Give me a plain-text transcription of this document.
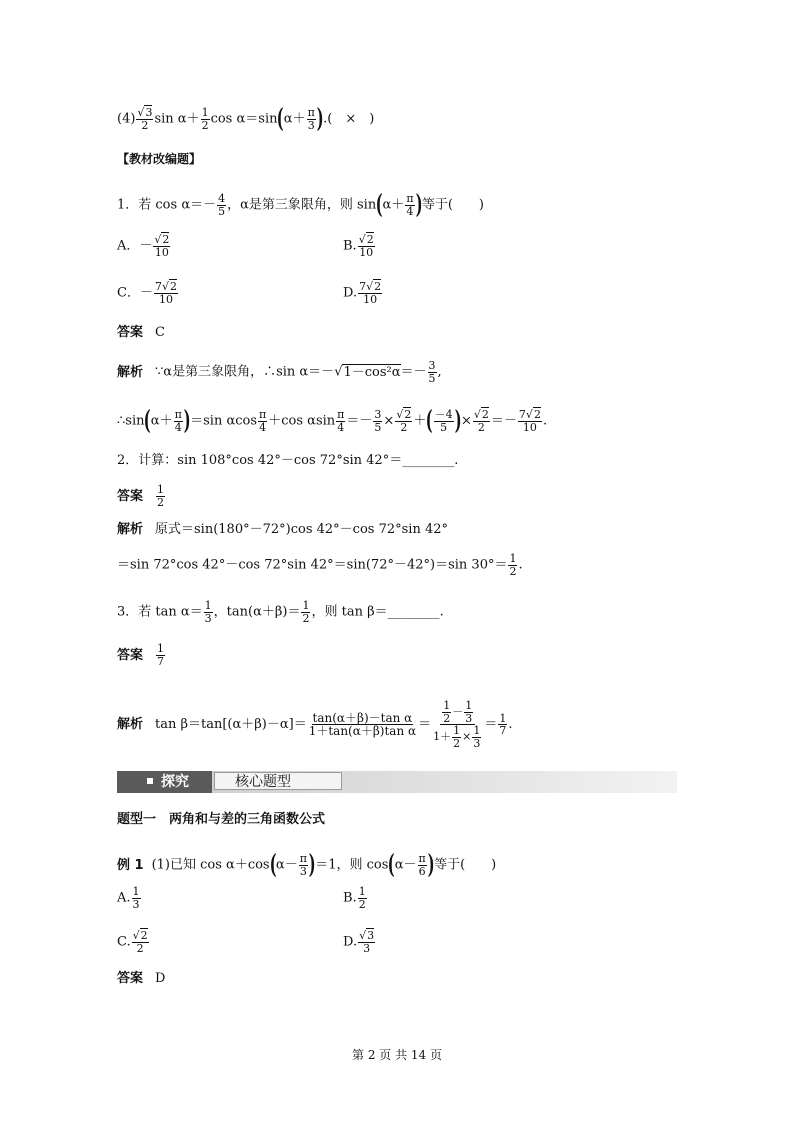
$(4) \frac{√3}{2}$ $\sin \alpha+ \frac{1}{2}$ $\cos \alpha=\sin(\alpha+ \frac{\pi}{3}$ ).(　×　)
【教材改编题】
1．若 $\cos \alpha=- \frac{4}{5}$ ，α是第三象限角，则 $\sin(\alpha+ \frac{\pi}{4}$ )等于(　　)
A．－ $\frac{√2}{10}$	B. $\frac{√2}{10}$
C．－ $\frac{7√2}{10}$	D. $\frac{7√2}{10}$
答案 C
解析 ∵α是第三象限角，∴sin $\alpha=-√1-\cos^2\alpha=- \frac{3}{5}$ ,
∴sin(α＋ $\frac{\pi}{4} )=\sin$ αcos $\frac{\pi}{4} +\cos$ αsin $\frac{\pi}{4} =- \frac{3}{5} \times \frac{√2}{2}$ ＋( $\frac{-4}{5}$ )× $\frac{√2}{2} =- \frac{7√2}{10}$ .
2．计算：sin 108°cos 42°－cos 72°sin 42°＝________.
答案 $\frac{1}{2}$
解析 原式＝sin(180°－72°)cos 42°－cos 72°sin 42°
＝sin 72°cos 42°－cos 72°sin 42°＝sin(72°－42°)＝sin $30^\circ= \frac{1}{2}$ .
3．若 $\tan \alpha= \frac{1}{3}$ ，$\tan(\alpha+\beta)= \frac{1}{2}$ ，则 tan β＝________.
答案 $\frac{1}{7}$
解析 $\tan \beta=\tan[(\alpha+\beta)-\alpha]= \frac{\text{tan(α＋β)－tan α}}{\text{1＋tan(α＋β)tan α}} = \frac{\frac{1}{2} - \frac{1}{3}}{1+ \frac{1}{2} \times \frac{1}{3}} = \frac{1}{7}$ .
探究	核心题型
题型一　两角和与差的三角函数公式
例 1 (1)已知 $\cos \alpha+\cos(\alpha- \frac{\pi}{3} )=1$，则 $\cos(\alpha- \frac{\pi}{6}$ )等于(　　)
A. $\frac{1}{3}$	B. $\frac{1}{2}$
C. $\frac{√2}{2}$	D. $\frac{√3}{3}$
答案 D
第 2 页 共 14 页
